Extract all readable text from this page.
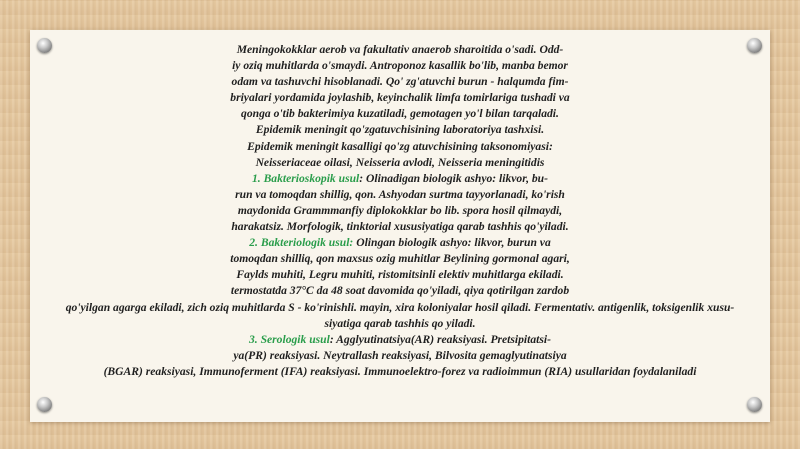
Meningokokklar aerob va fakultativ anaerob sharoitida o'sadi. Odd-
iy oziq muhitlarda o'smaydi. Antroponoz kasallik bo'lib, manba bemor
odam va tashuvchi hisoblanadi. Qo' zg'atuvchi burun - halqumda fim-
briyalari yordamida joylashib, keyinchalik limfa tomirlariga tushadi va
qonga o'tib bakterimiya kuzatiladi, gemotagen yo'l bilan tarqaladi.
Epidemik meningit qo'zgatuvchisining laboratoriya tashxisi.
Epidemik meningit kasalligi qo'zg atuvchisining taksonomiyasi:
Neisseriaceae oilasi, Neisseria avlodi, Neisseria meningitidis
1. Bakterioskopik usul: Olinadigan biologik ashyo: likvor, bu-
run va tomoqdan shillig, qon. Ashyodan surtma tayyorlanadi, ko'rish
maydonida Grammmanfiy diplokokklar bo lib. spora hosil qilmaydi,
harakatsiz. Morfologik, tinktorial xususiyatiga qarab tashhis qo'yiladi.
2. Bakteriologik usul: Olingan biologik ashyo: likvor, burun va
tomoqdan shilliq, qon maxsus ozig muhitlar Beylining gormonal agari,
Faylds muhiti, Legru muhiti, ristomitsinli elektiv muhitlarga ekiladi.
termostatda 37°C da 48 soat davomida qo'yiladi, qiya qotirilgan zardob
qo'yilgan agarga ekiladi, zich oziq muhitlarda S - ko'rinishli. mayin, xira koloniyalar hosil qiladi. Fermentativ. antigenlik, toksigenlik xusu-
siyatiga qarab tashhis qo yiladi.
3. Serologik usul: Agglyutinatsiya(AR) reaksiyasi. Pretsipitatsi-
ya(PR) reaksiyasi. Neytrallash reaksiyasi, Bilvosita gemaglyutinatsiya
(BGAR) reaksiyasi, Immunoferment (IFA) reaksiyasi. Immunoelektro-forez va radioimmun (RIA) usullaridan foydalaniladi
